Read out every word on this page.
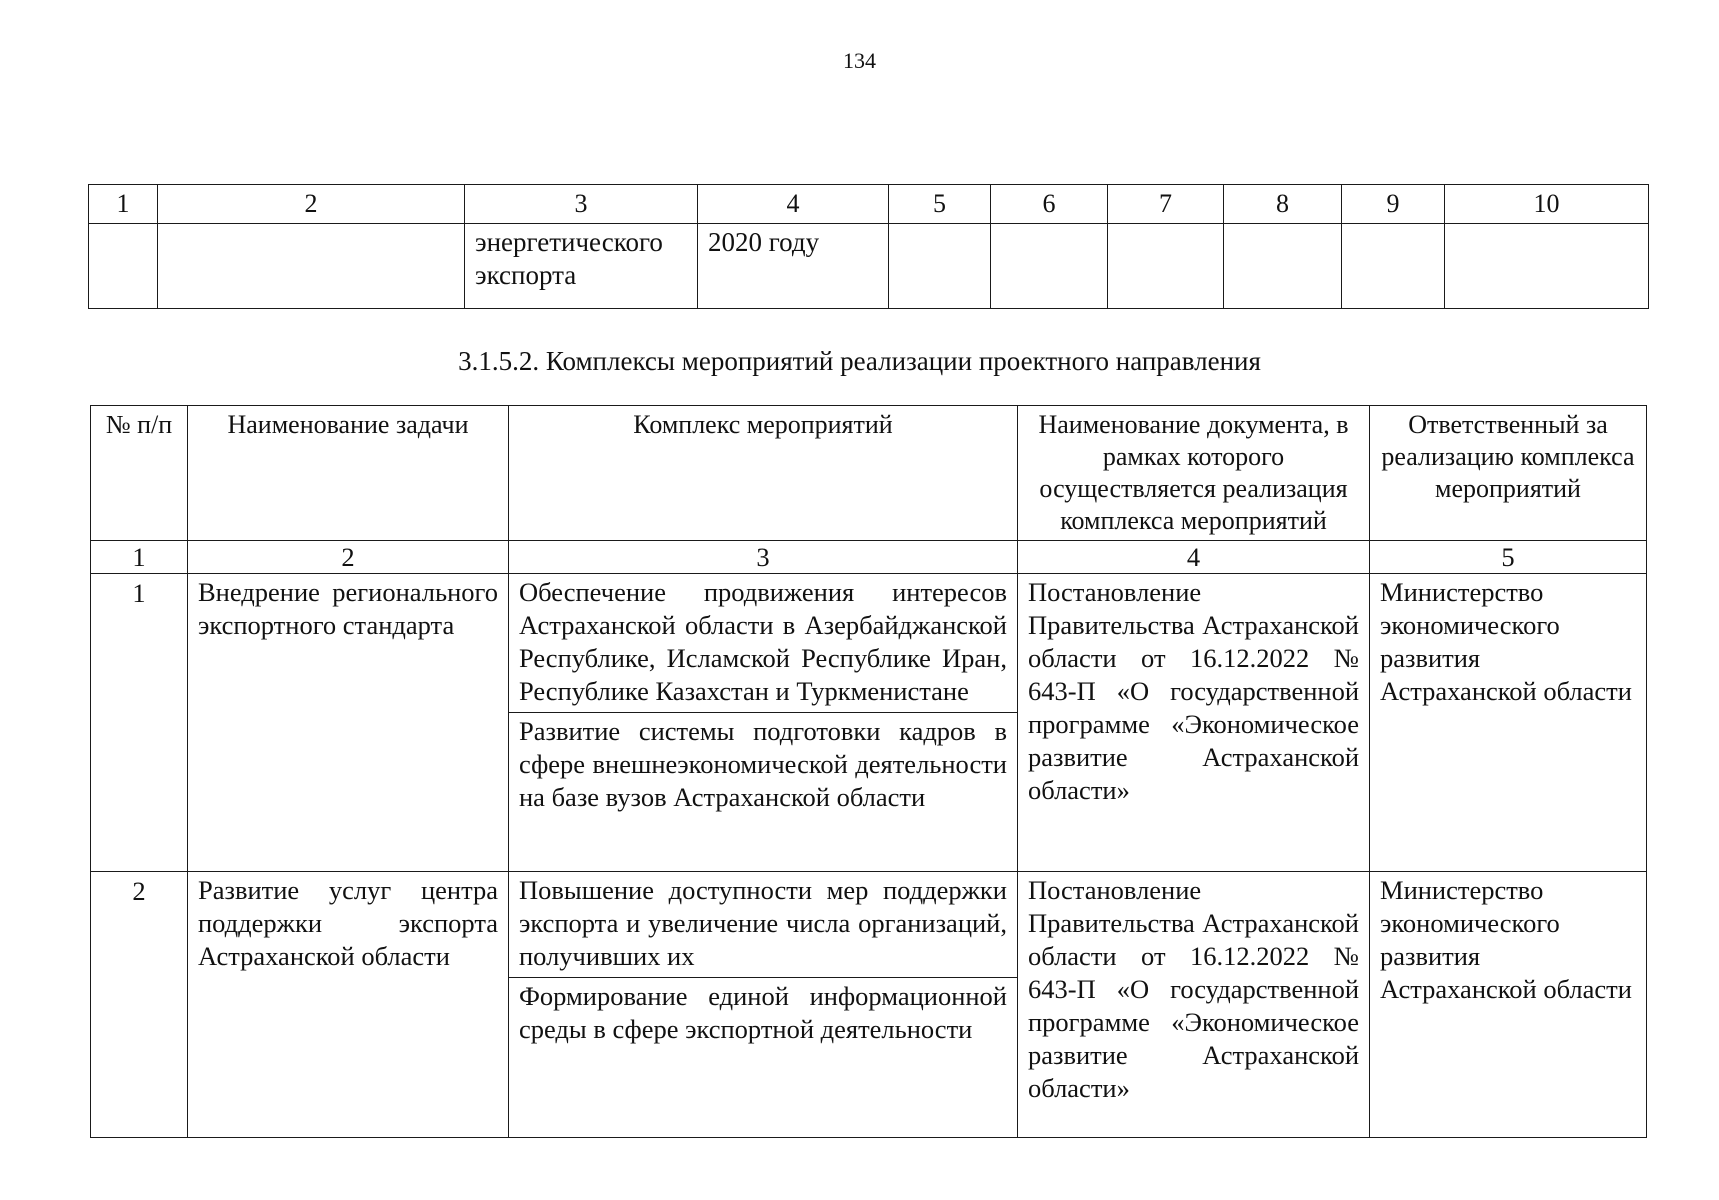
134
1	2	3	4	5	6	7	8	9	10
		энергетического экспорта	2020 году						
3.1.5.2. Комплексы мероприятий реализации проектного направления
№ п/п	Наименование задачи	Комплекс мероприятий	Наименование документа, в рамках которого осуществляется реализация комплекса мероприятий	Ответственный за реализацию комплекса мероприятий
1	2	3	4	5
1	Внедрение регионального экспортного стандарта	Обеспечение продвижения интересов Астраханской области в Азербайджанской Республике, Исламской Республике Иран, Республике Казахстан и Туркменистане
Развитие системы подготовки кадров в сфере внешнеэкономической деятельности на базе вузов Астраханской области	Постановление Правительства Астраханской области от 16.12.2022 № 643-П «О государственной программе «Экономическое развитие Астраханской области»	Министерство экономического развития Астраханской области
2	Развитие услуг центра поддержки экспорта Астраханской области	Повышение доступности мер поддержки экспорта и увеличение числа организаций, получивших их
Формирование единой информационной среды в сфере экспортной деятельности	Постановление Правительства Астраханской области от 16.12.2022 № 643-П «О государственной программе «Экономическое развитие Астраханской области»	Министерство экономического развития Астраханской области
